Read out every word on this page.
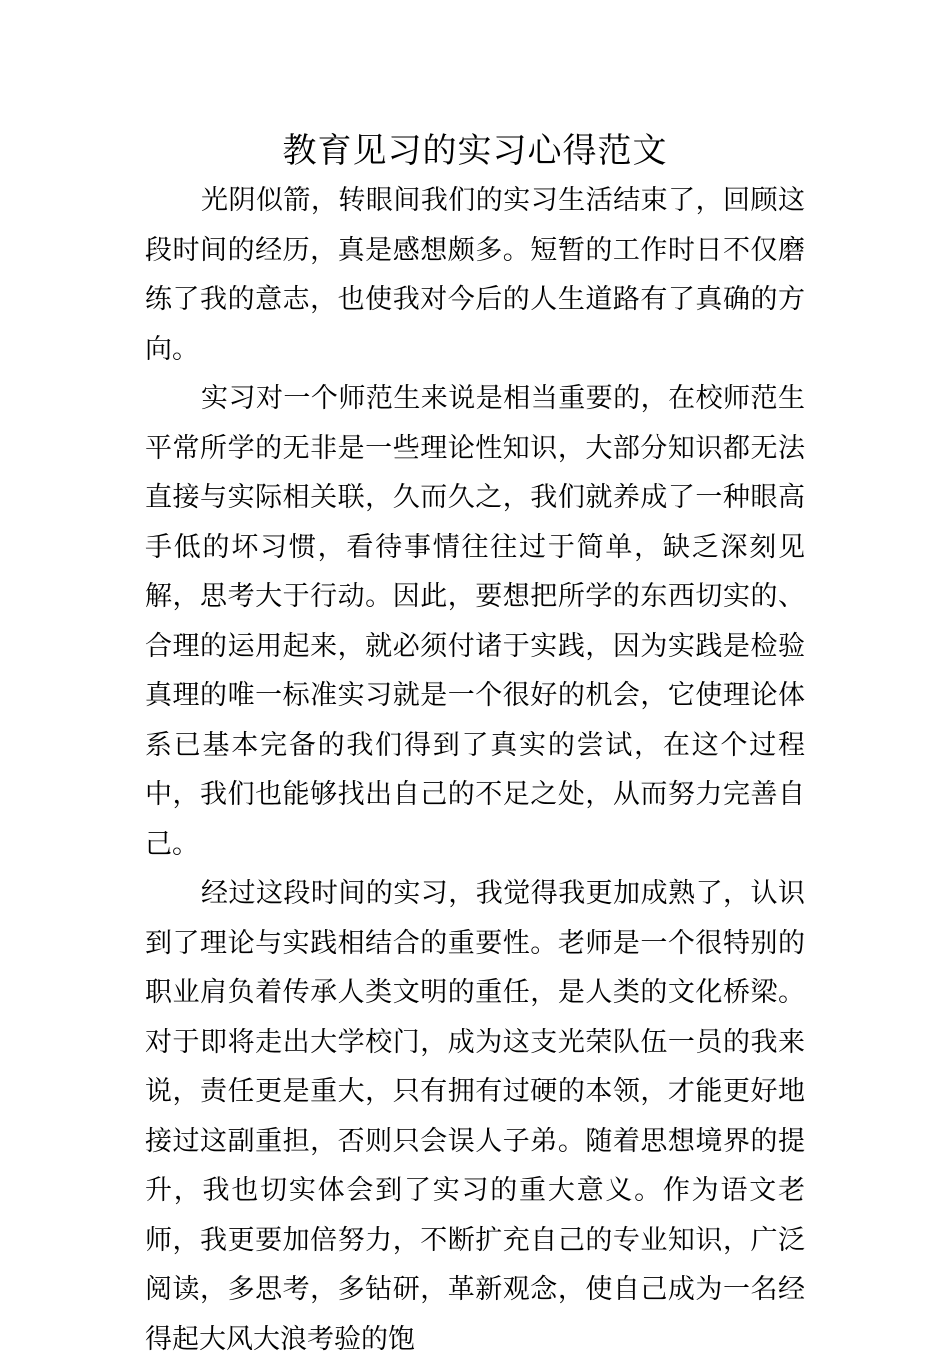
教育见习的实习心得范文

光阴似箭，转眼间我们的实习生活结束了，回顾这段时间的经历，真是感想颇多。短暂的工作时日不仅磨练了我的意志，也使我对今后的人生道路有了真确的方向。

实习对一个师范生来说是相当重要的，在校师范生平常所学的无非是一些理论性知识，大部分知识都无法直接与实际相关联，久而久之，我们就养成了一种眼高手低的坏习惯，看待事情往往过于简单，缺乏深刻见解，思考大于行动。因此，要想把所学的东西切实的、合理的运用起来，就必须付诸于实践，因为实践是检验真理的唯一标准实习就是一个很好的机会，它使理论体系已基本完备的我们得到了真实的尝试，在这个过程中，我们也能够找出自己的不足之处，从而努力完善自己。

经过这段时间的实习，我觉得我更加成熟了，认识到了理论与实践相结合的重要性。老师是一个很特别的职业肩负着传承人类文明的重任，是人类的文化桥梁。对于即将走出大学校门，成为这支光荣队伍一员的我来说，责任更是重大，只有拥有过硬的本领，才能更好地接过这副重担，否则只会误人子弟。随着思想境界的提升，我也切实体会到了实习的重大意义。作为语文老师，我更要加倍努力，不断扩充自己的专业知识，广泛阅读，多思考，多钻研，革新观念，使自己成为一名经得起大风大浪考验的饱
